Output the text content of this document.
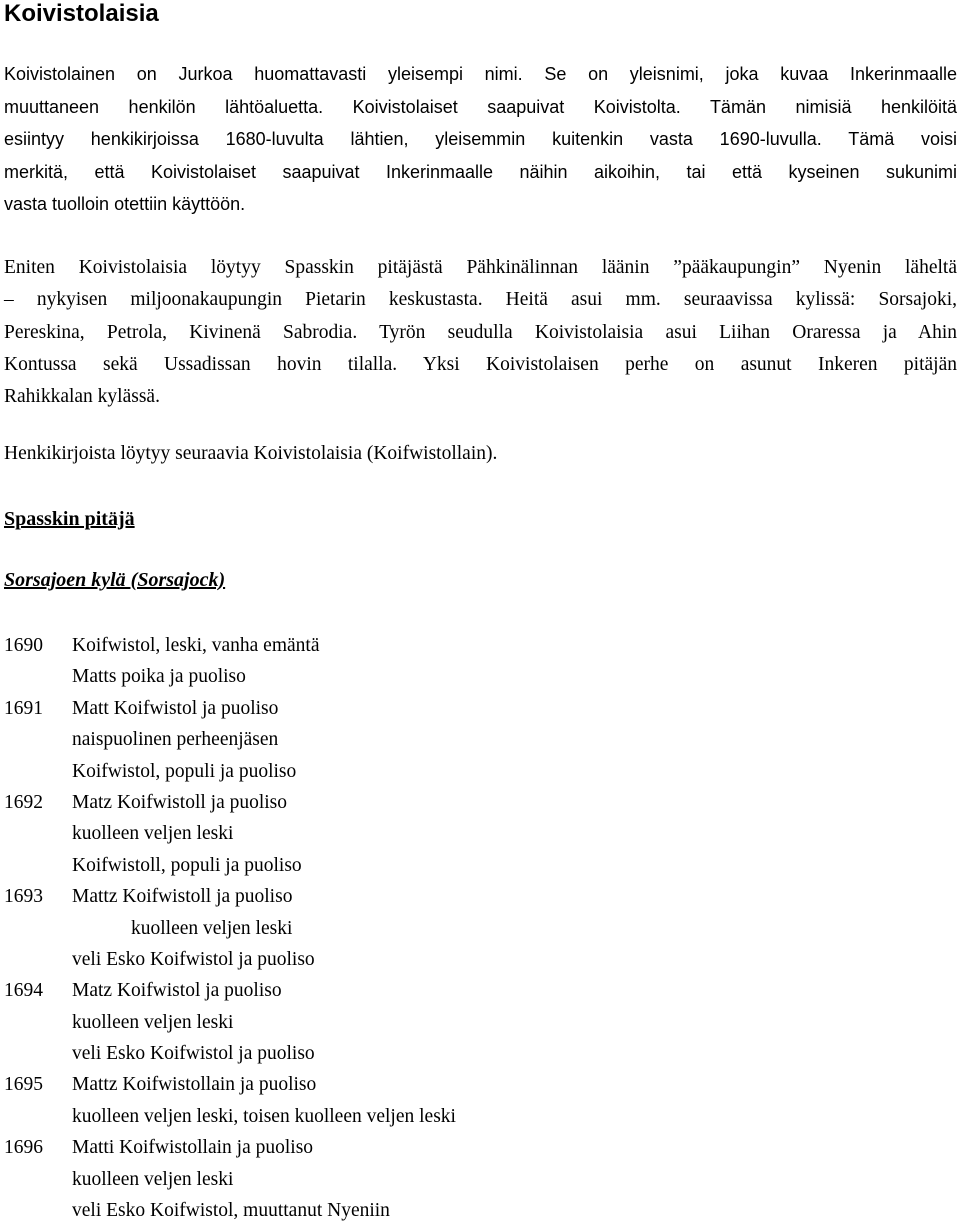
Koivistolaisia

Koivistolainen on Jurkoa huomattavasti yleisempi nimi. Se on yleisnimi, joka kuvaa Inkerinmaalle
muuttaneen henkilön lähtöaluetta. Koivistolaiset saapuivat Koivistolta. Tämän nimisiä henkilöitä
esiintyy henkikirjoissa 1680-luvulta lähtien, yleisemmin kuitenkin vasta 1690-luvulla. Tämä voisi
merkitä, että Koivistolaiset saapuivat Inkerinmaalle näihin aikoihin, tai että kyseinen sukunimi
vasta tuolloin otettiin käyttöön.

Eniten Koivistolaisia löytyy Spasskin pitäjästä Pähkinälinnan läänin ”pääkaupungin” Nyenin läheltä
– nykyisen miljoonakaupungin Pietarin keskustasta. Heitä asui mm. seuraavissa kylissä: Sorsajoki,
Pereskina, Petrola, Kivinenä Sabrodia. Tyrön seudulla Koivistolaisia asui Liihan Oraressa ja Ahin
Kontussa sekä Ussadissan hovin tilalla. Yksi Koivistolaisen perhe on asunut Inkeren pitäjän
Rahikkalan kylässä.

Henkikirjoista löytyy seuraavia Koivistolaisia (Koifwistollain).

Spasskin pitäjä
Sorsajoen kylä (Sorsajock)
1690	Koifwistol, leski, vanha emäntä
Matts poika ja puoliso
1691	Matt Koifwistol ja puoliso
naispuolinen perheenjäsen
Koifwistol, populi ja puoliso
1692	Matz Koifwistoll ja puoliso
kuolleen veljen leski
Koifwistoll, populi ja puoliso
1693	Mattz Koifwistoll ja puoliso
kuolleen veljen leski
veli Esko Koifwistol ja puoliso
1694	Matz Koifwistol ja puoliso
kuolleen veljen leski
veli Esko Koifwistol ja puoliso
1695	Mattz Koifwistollain ja puoliso
kuolleen veljen leski, toisen kuolleen veljen leski
1696	Matti Koifwistollain ja puoliso
kuolleen veljen leski
veli Esko Koifwistol, muuttanut Nyeniin
